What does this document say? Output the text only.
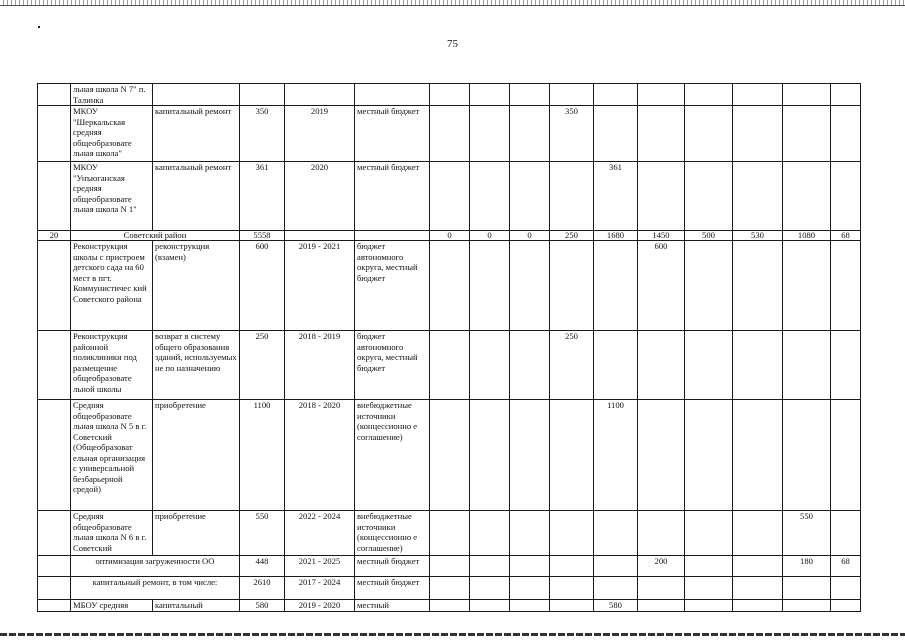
75
	льная школа N 7" п. Талинка														
	МКОУ "Шеркальская средняя общеобразовате льная школа"	капитальный ремонт	350	2019	местный бюджет				350						
	МКОУ "Унъюганская средняя общеобразовате льная школа N 1"	капитальный ремонт	361	2020	местный бюджет					361					
20	Советский район		5558			0	0	0	250	1680	1450	500	530	1080	68
	Реконструкция школы с пристроем детского сада на 60 мест в пгт. Коммунистичес кий Советского района	реконструкция (взамен)	600	2019 - 2021	бюджет автономного округа, местный бюджет						600				
	Реконструкция районной поликлиники под размещение общеобразовате льной школы	возврат в систему общего образования зданий, используемых не по назначению	250	2018 - 2019	бюджет автономного округа, местный бюджет				250						
	Средняя общеобразовате льная школа N 5 в г. Советский (Общеобразоват ельная организация с универсальной безбарьерной средой)	приобретение	1100	2018 - 2020	внебюджетные источники (концессионно е соглашение)					1100					
	Средняя общеобразовате льная школа N 6 в г. Советский	приобретение	550	2022 - 2024	внебюджетные источники (концессионно е соглашение)									550	
	оптимизация загруженности ОО		448	2021 - 2025	местный бюджет						200			180	68
	капитальный ремонт, в том числе:		2610	2017 - 2024	местный бюджет										
	МБОУ средняя	капитальный	580	2019 - 2020	местный					580					
